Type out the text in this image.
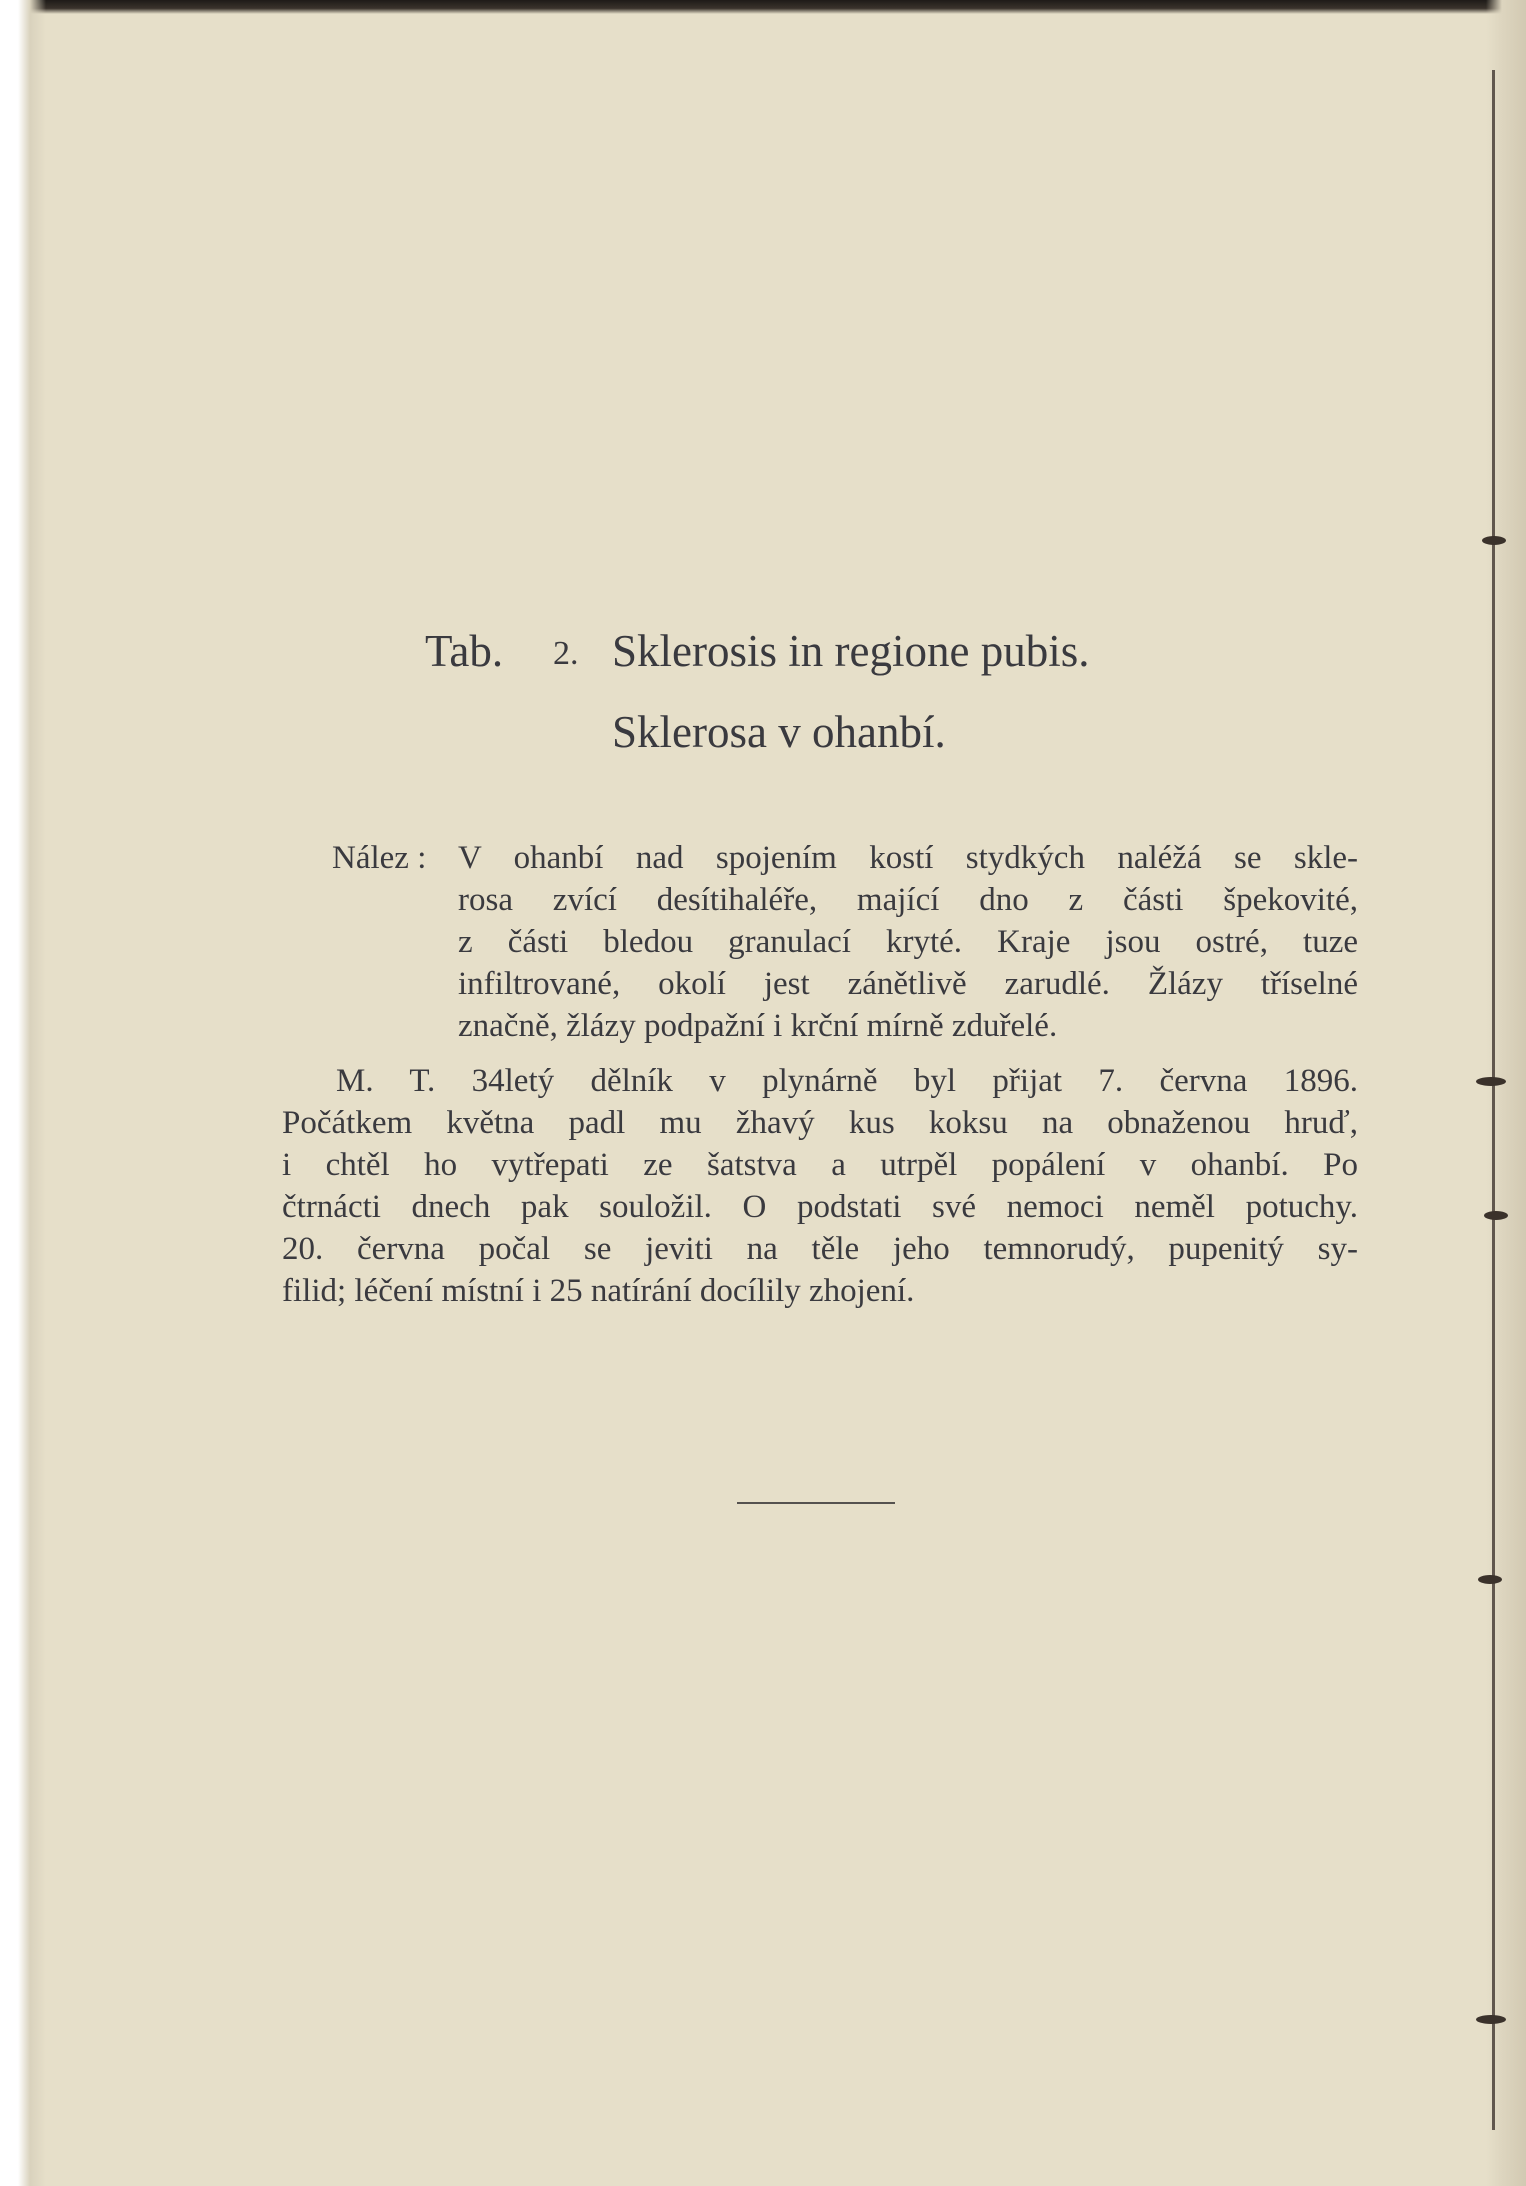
Tab. 2. Sklerosis in regione pubis.
Sklerosa v ohanbí.
Nález : V ohanbí nad spojením kostí stydkých naléžá se skle-
rosa zvící desítihaléře, mající dno z části špekovité,
z části bledou granulací kryté. Kraje jsou ostré, tuze
infiltrované, okolí jest zánětlivě zarudlé. Žlázy tříselné
značně, žlázy podpažní i krční mírně zduřelé.
M. T. 34letý dělník v plynárně byl přijat 7. června 1896.
Počátkem května padl mu žhavý kus koksu na obnaženou hruď,
i chtěl ho vytřepati ze šatstva a utrpěl popálení v ohanbí. Po
čtrnácti dnech pak souložil. O podstati své nemoci neměl potuchy.
20. června počal se jeviti na těle jeho temnorudý, pupenitý sy-
filid; léčení místní i 25 natírání docílily zhojení.
